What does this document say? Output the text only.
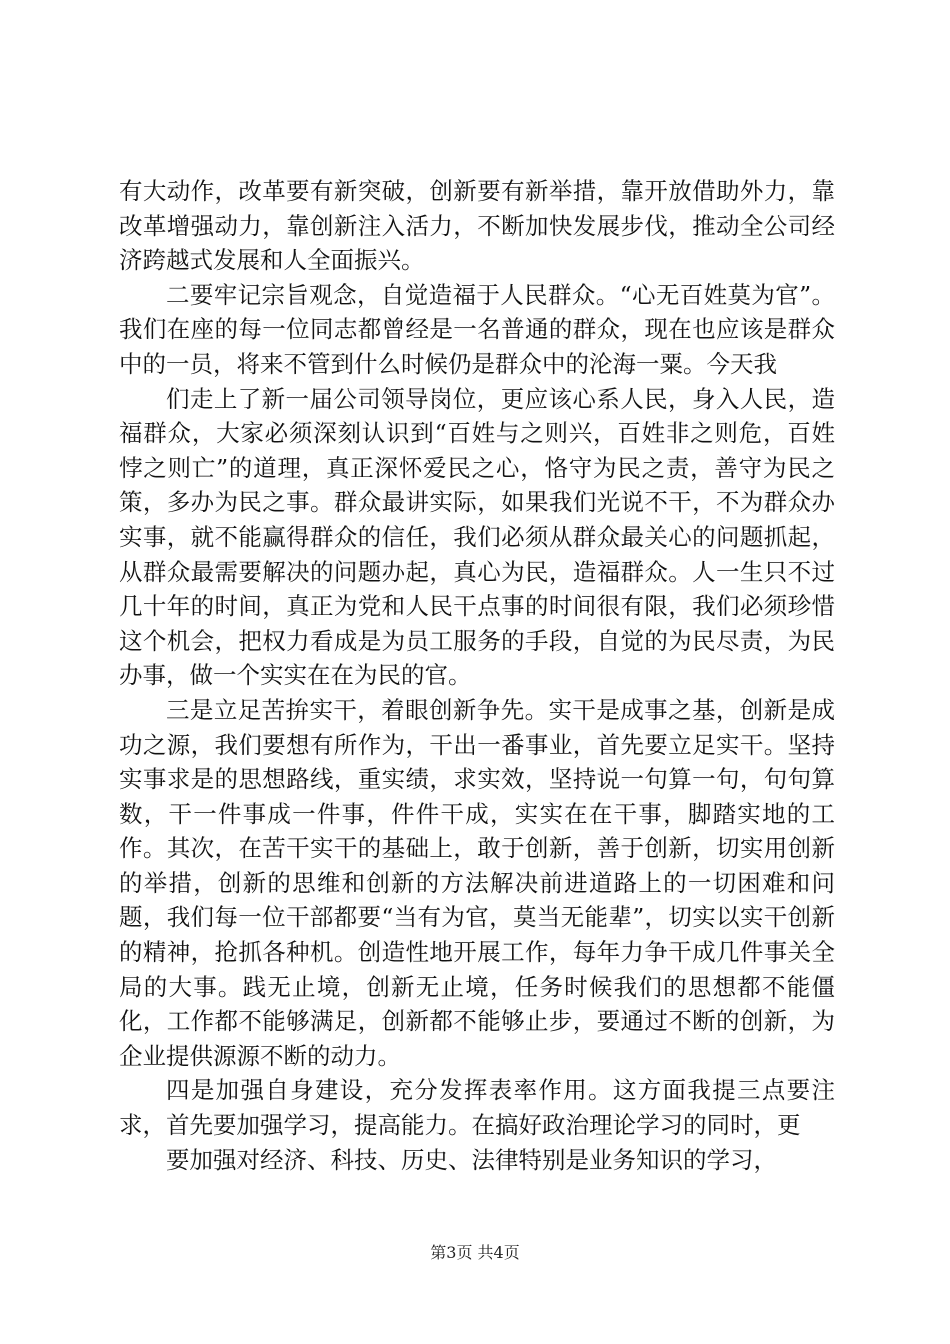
有大动作，改革要有新突破，创新要有新举措，靠开放借助外力，靠改革增强动力，靠创新注入活力，不断加快发展步伐，推动全公司经济跨越式发展和人全面振兴。

二要牢记宗旨观念，自觉造福于人民群众。“心无百姓莫为官”。我们在座的每一位同志都曾经是一名普通的群众，现在也应该是群众中的一员，将来不管到什么时候仍是群众中的沦海一粟。今天我

们走上了新一届公司领导岗位，更应该心系人民，身入人民，造福群众，大家必须深刻认识到“百姓与之则兴，百姓非之则危，百姓悖之则亡”的道理，真正深怀爱民之心，恪守为民之责，善守为民之策，多办为民之事。群众最讲实际，如果我们光说不干，不为群众办实事，就不能赢得群众的信任，我们必须从群众最关心的问题抓起，从群众最需要解决的问题办起，真心为民，造福群众。人一生只不过几十年的时间，真正为党和人民干点事的时间很有限，我们必须珍惜这个机会，把权力看成是为员工服务的手段，自觉的为民尽责，为民办事，做一个实实在在为民的官。

三是立足苦拚实干，着眼创新争先。实干是成事之基，创新是成功之源，我们要想有所作为，干出一番事业，首先要立足实干。坚持实事求是的思想路线，重实绩，求实效，坚持说一句算一句，句句算数，干一件事成一件事，件件干成，实实在在干事，脚踏实地的工作。其次，在苦干实干的基础上，敢于创新，善于创新，切实用创新的举措，创新的思维和创新的方法解决前进道路上的一切困难和问题，我们每一位干部都要“当有为官，莫当无能辈”，切实以实干创新的精神，抢抓各种机。创造性地开展工作，每年力争干成几件事关全局的大事。践无止境，创新无止境，任务时候我们的思想都不能僵化，工作都不能够满足，创新都不能够止步，要通过不断的创新，为企业提供源源不断的动力。

四是加强自身建设，充分发挥表率作用。这方面我提三点要注求，首先要加强学习，提高能力。在搞好政治理论学习的同时，更

要加强对经济、科技、历史、法律特别是业务知识的学习，

第3页 共4页
